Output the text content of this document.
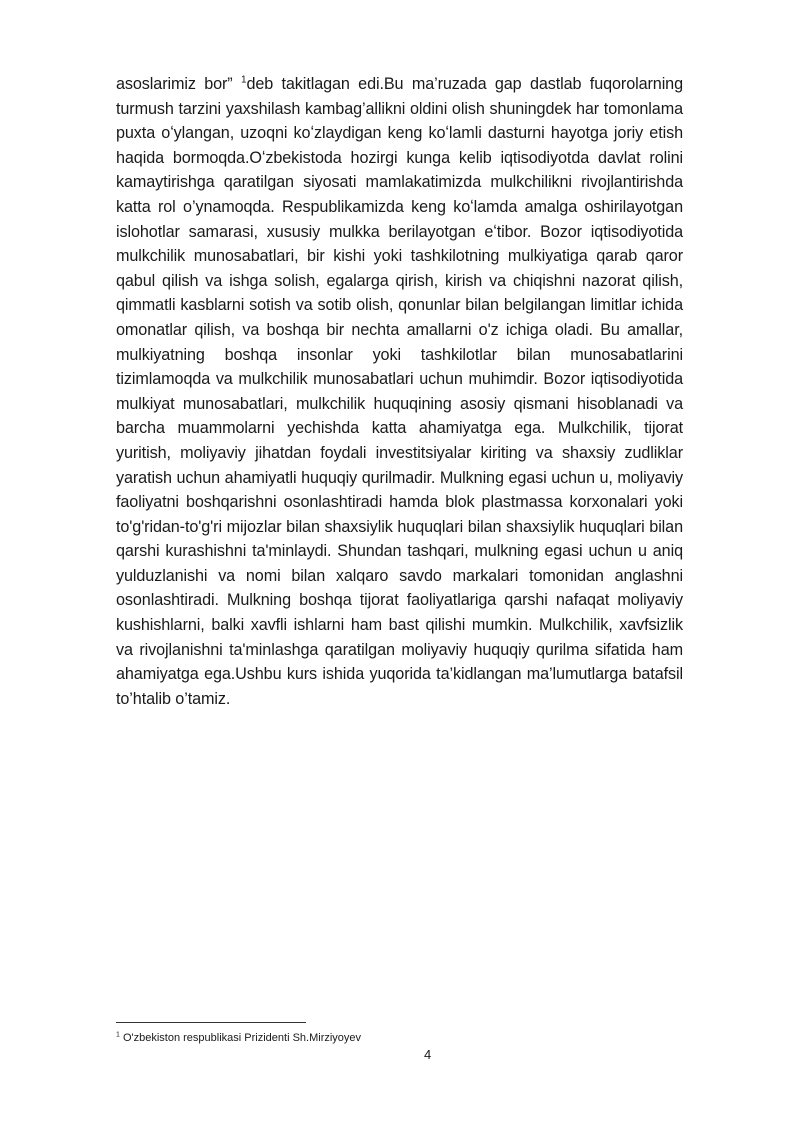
asoslarimiz bor” $^1$deb takitlagan edi.Bu ma’ruzada gap dastlab fuqorolarning turmush tarzini yaxshilash kambag’allikni oldini olish shuningdek har tomonlama puxta oʻylangan, uzoqni koʻzlaydigan keng koʻlamli dasturni hayotga joriy etish haqida bormoqda.Oʻzbekistoda hozirgi kunga kelib iqtisodiyotda davlat rolini kamaytirishga qaratilgan siyosati mamlakatimizda mulkchilikni rivojlantirishda katta rol o’ynamoqda. Respublikamizda keng koʻlamda amalga oshirilayotgan islohotlar samarasi, xususiy mulkka berilayotgan eʻtibor. Bozor iqtisodiyotida mulkchilik munosabatlari, bir kishi yoki tashkilotning mulkiyatiga qarab qaror qabul qilish va ishga solish, egalarga qirish, kirish va chiqishni nazorat qilish, qimmatli kasblarni sotish va sotib olish, qonunlar bilan belgilangan limitlar ichida omonatlar qilish, va boshqa bir nechta amallarni o'z ichiga oladi. Bu amallar, mulkiyatning boshqa insonlar yoki tashkilotlar bilan munosabatlarini tizimlamoqda va mulkchilik munosabatlari uchun muhimdir. Bozor iqtisodiyotida mulkiyat munosabatlari, mulkchilik huquqining asosiy qismani hisoblanadi va barcha muammolarni yechishda katta ahamiyatga ega. Mulkchilik, tijorat yuritish, moliyaviy jihatdan foydali investitsiyalar kiriting va shaxsiy zudliklar yaratish uchun ahamiyatli huquqiy qurilmadir. Mulkning egasi uchun u, moliyaviy faoliyatni boshqarishni osonlashtiradi hamda blok plastmassa korxonalari yoki to'g'ridan-to'g'ri mijozlar bilan shaxsiylik huquqlari bilan shaxsiylik huquqlari bilan qarshi kurashishni ta'minlaydi. Shundan tashqari, mulkning egasi uchun u aniq yulduzlanishi va nomi bilan xalqaro savdo markalari tomonidan anglashni osonlashtiradi. Mulkning boshqa tijorat faoliyatlariga qarshi nafaqat moliyaviy kushishlarni, balki xavfli ishlarni ham bast qilishi mumkin. Mulkchilik, xavfsizlik va rivojlanishni ta'minlashga qaratilgan moliyaviy huquqiy qurilma sifatida ham ahamiyatga ega.Ushbu kurs ishida yuqorida ta’kidlangan ma’lumutlarga batafsil to’htalib o’tamiz.

$^1$ O'zbekiston respublikasi Prizidenti Sh.Mirziyoyev

4
